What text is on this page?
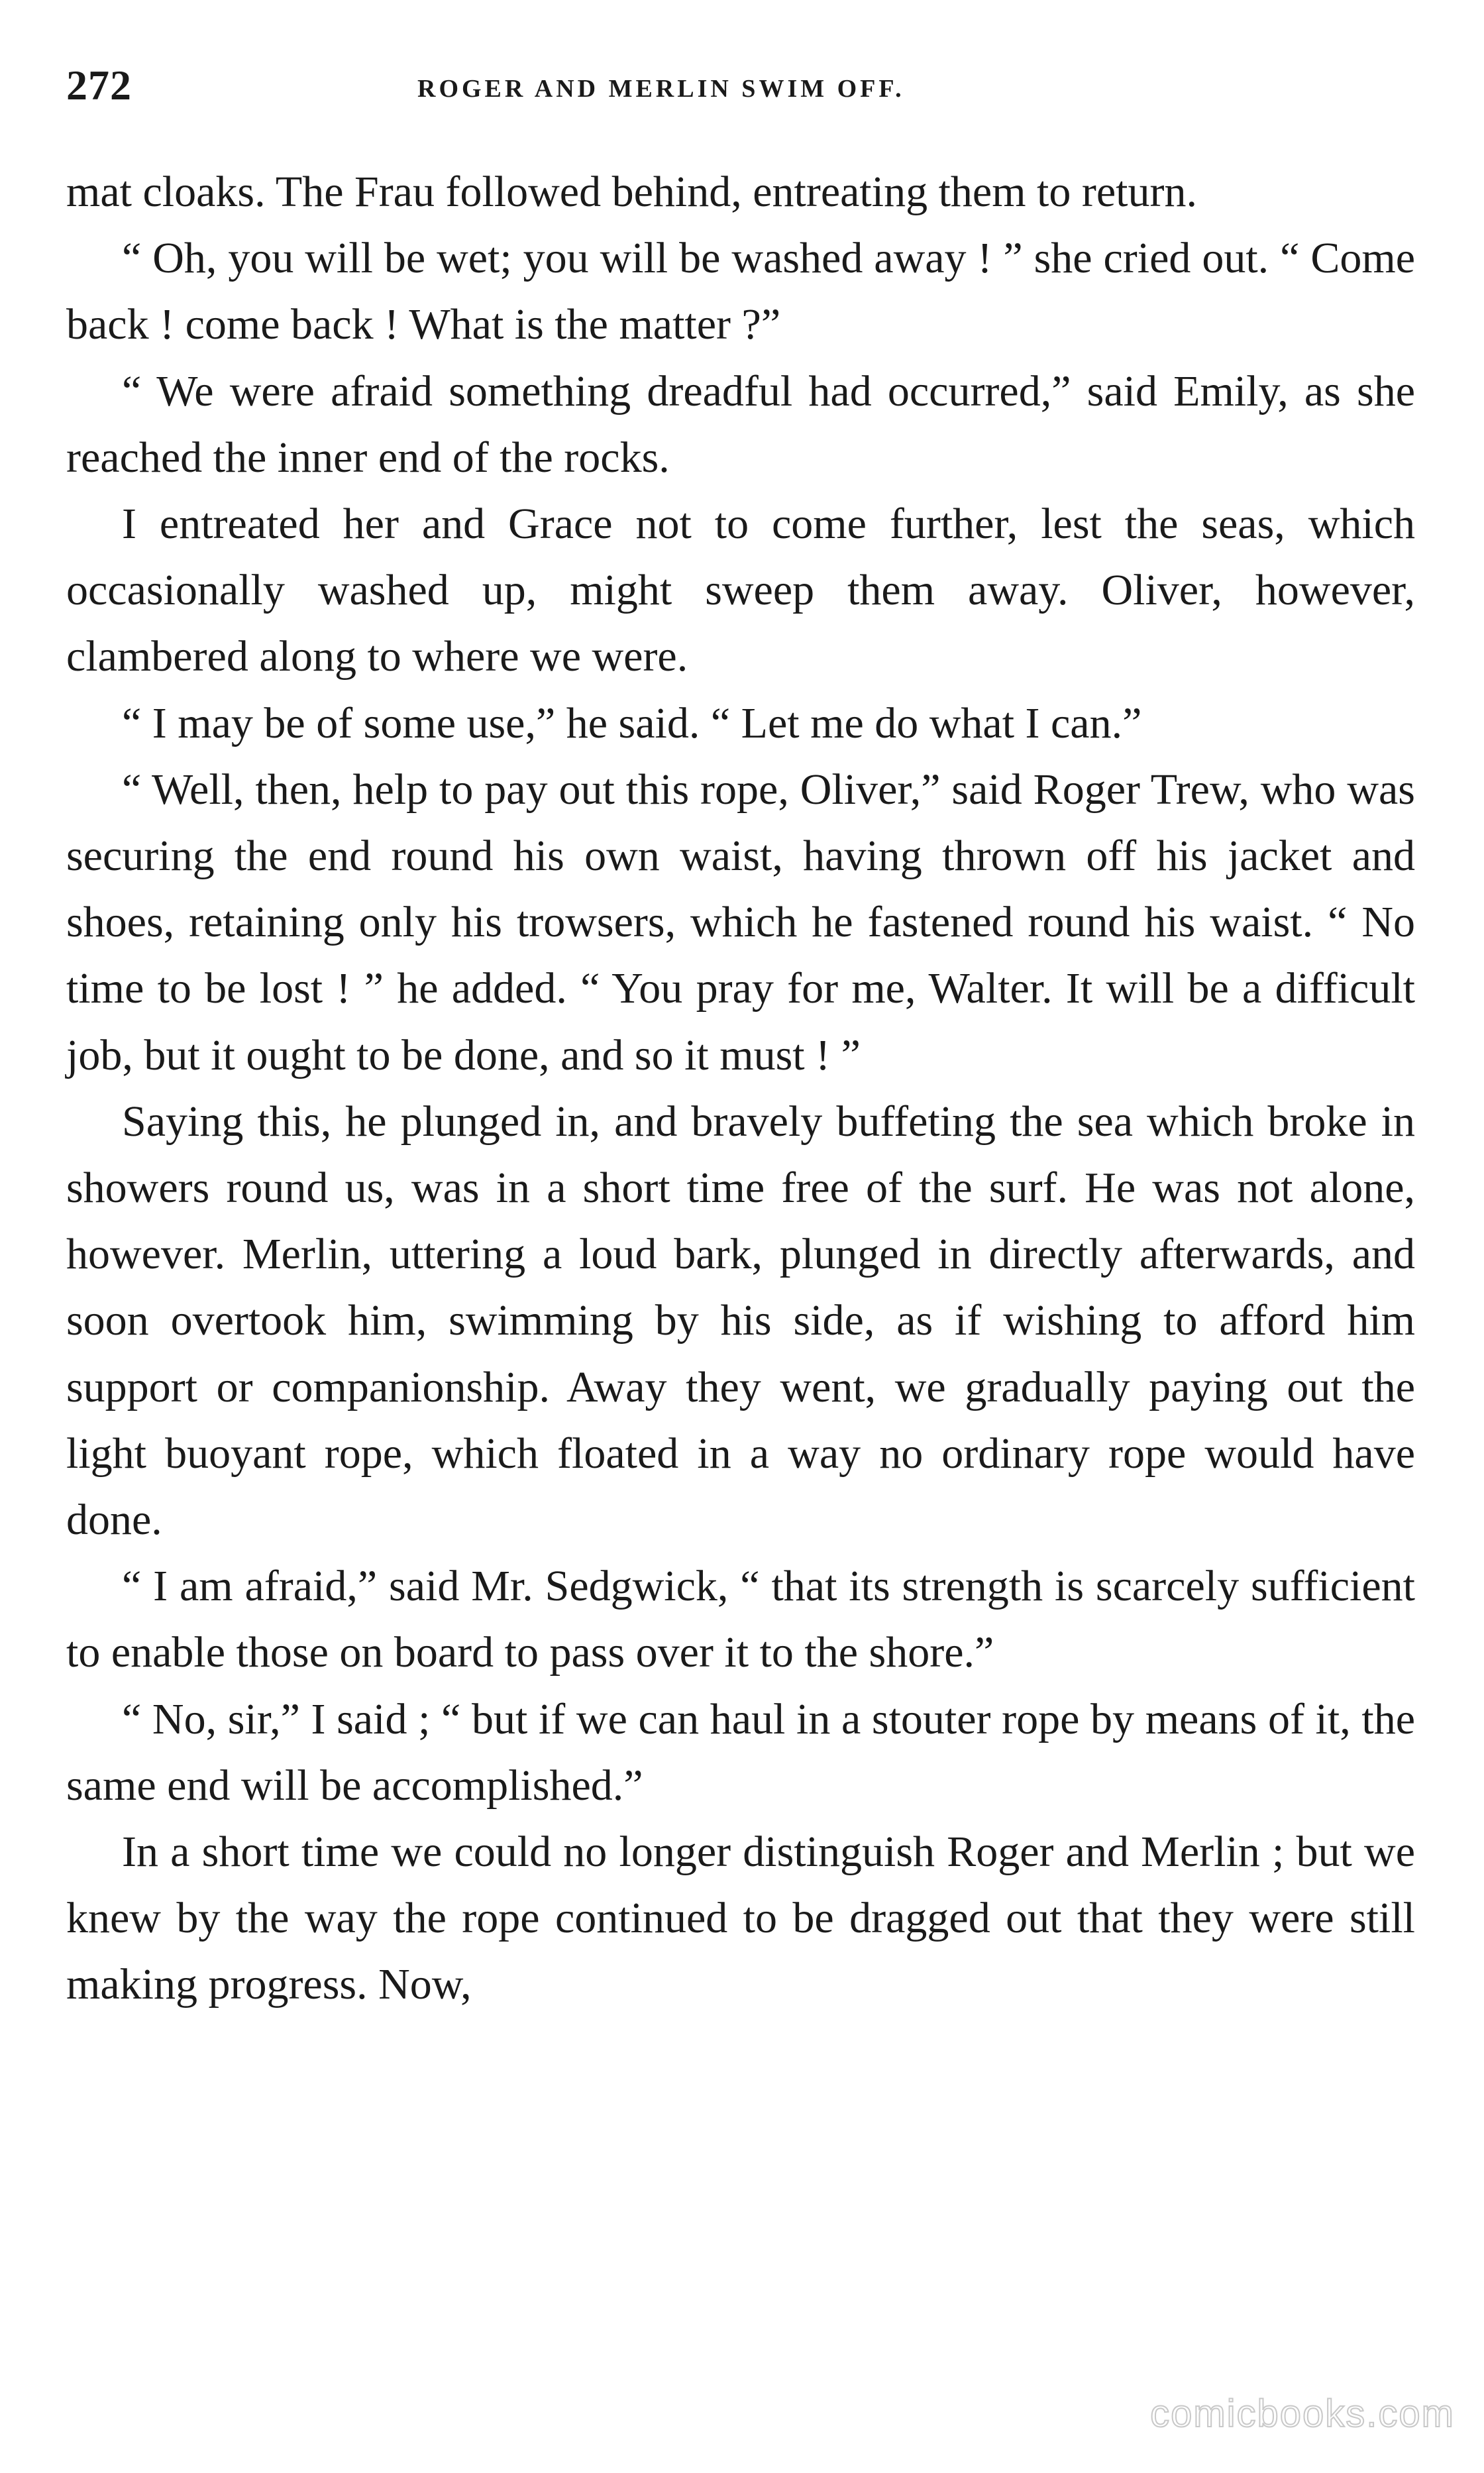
272	ROGER AND MERLIN SWIM OFF.

mat cloaks. The Frau followed behind, entreating them to return.

“ Oh, you will be wet; you will be washed away ! ” she cried out. “ Come back ! come back ! What is the matter ?”

“ We were afraid something dreadful had occurred,” said Emily, as she reached the inner end of the rocks.

I entreated her and Grace not to come further, lest the seas, which occasionally washed up, might sweep them away. Oliver, however, clambered along to where we were.

“ I may be of some use,” he said. “ Let me do what I can.”

“ Well, then, help to pay out this rope, Oliver,” said Roger Trew, who was securing the end round his own waist, having thrown off his jacket and shoes, retaining only his trowsers, which he fastened round his waist. “ No time to be lost ! ” he added. “ You pray for me, Walter. It will be a difficult job, but it ought to be done, and so it must ! ”

Saying this, he plunged in, and bravely buffeting the sea which broke in showers round us, was in a short time free of the surf. He was not alone, however. Merlin, uttering a loud bark, plunged in directly afterwards, and soon overtook him, swimming by his side, as if wishing to afford him support or companionship. Away they went, we gradually paying out the light buoyant rope, which floated in a way no ordinary rope would have done.

“ I am afraid,” said Mr. Sedgwick, “ that its strength is scarcely sufficient to enable those on board to pass over it to the shore.”

“ No, sir,” I said ; “ but if we can haul in a stouter rope by means of it, the same end will be accomplished.”

In a short time we could no longer distinguish Roger and Merlin ; but we knew by the way the rope continued to be dragged out that they were still making progress. Now,

comicbooks.com
